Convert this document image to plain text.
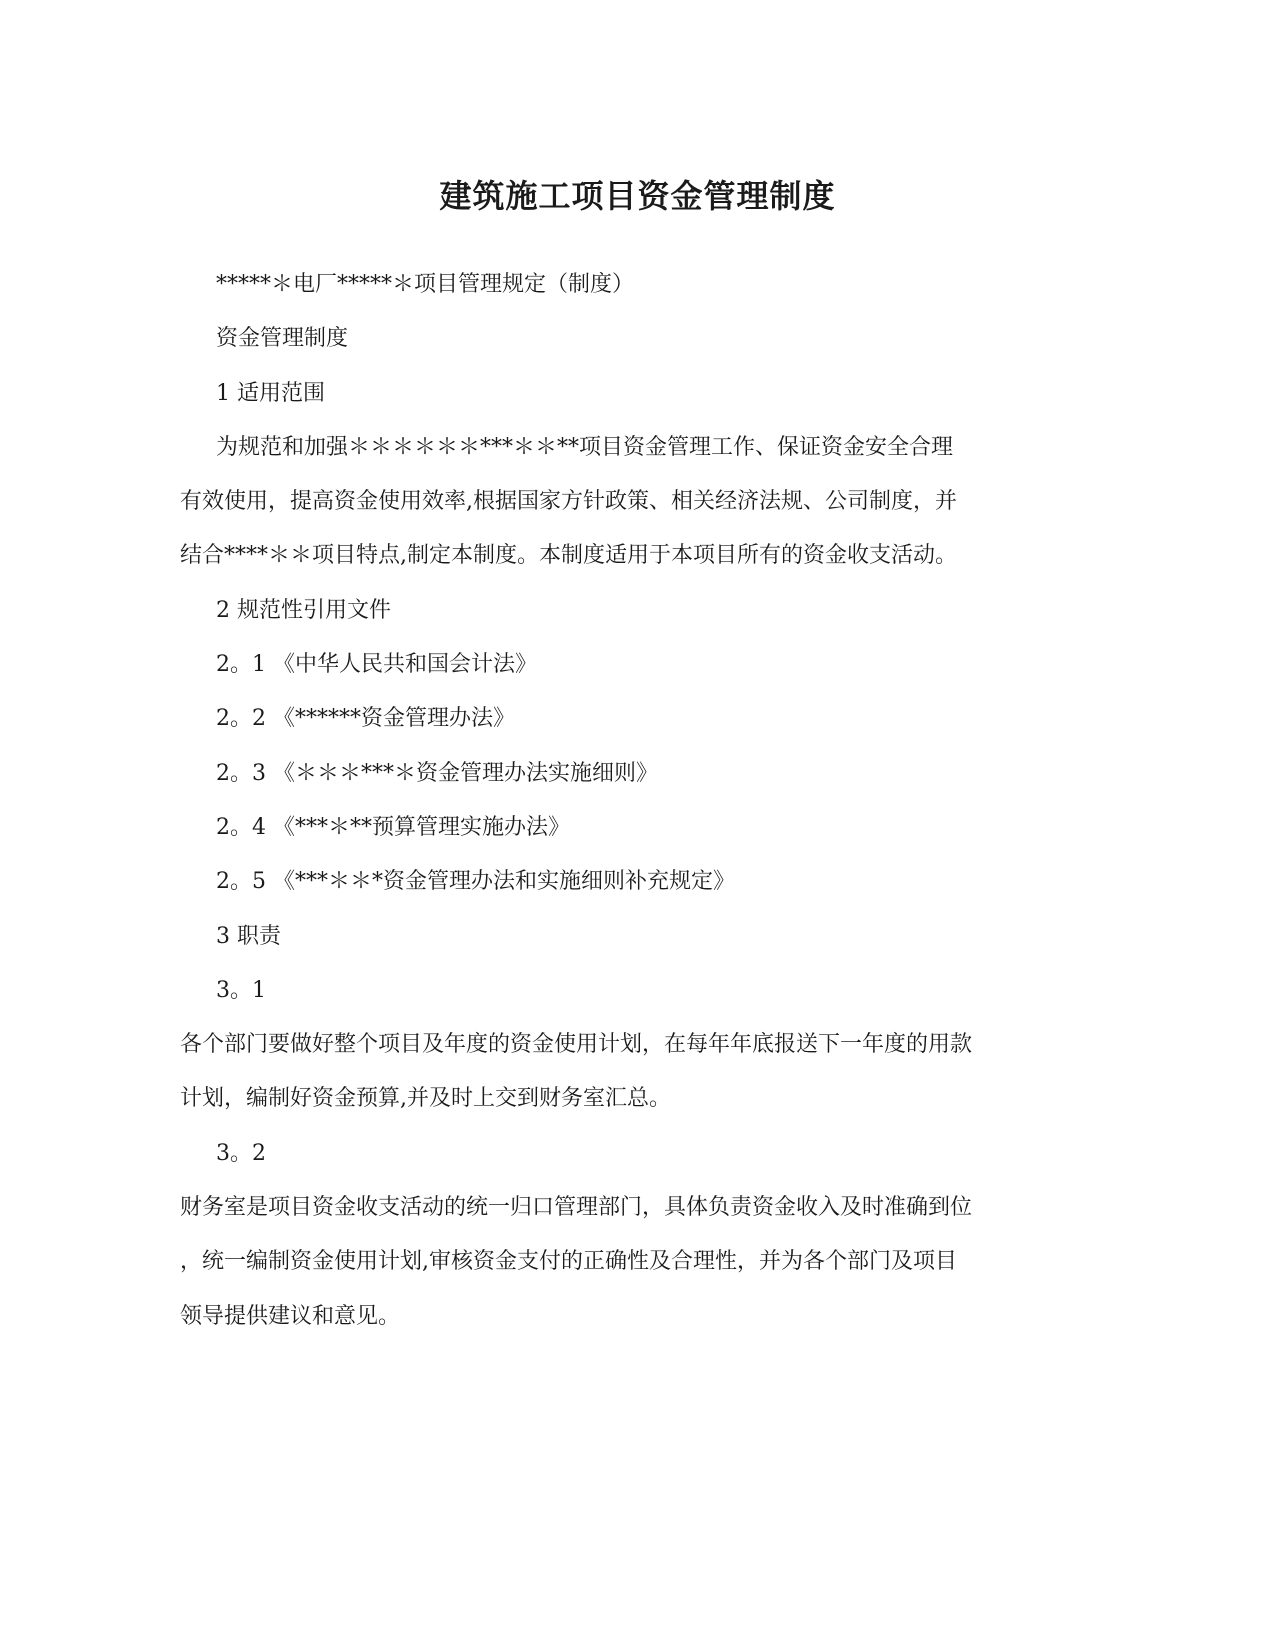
建筑施工项目资金管理制度

*****＊电厂*****＊项目管理规定（制度）

资金管理制度

1 适用范围

为规范和加强＊＊＊＊＊＊***＊＊**项目资金管理工作、保证资金安全合理

有效使用，提高资金使用效率,根据国家方针政策、相关经济法规、公司制度，并

结合****＊＊项目特点,制定本制度。本制度适用于本项目所有的资金收支活动。

2 规范性引用文件

2。1 《中华人民共和国会计法》

2。2 《******资金管理办法》

2。3 《＊＊＊***＊资金管理办法实施细则》

2。4 《***＊**预算管理实施办法》

2。5 《***＊＊*资金管理办法和实施细则补充规定》

3 职责

3。1

各个部门要做好整个项目及年度的资金使用计划，在每年年底报送下一年度的用款

计划，编制好资金预算,并及时上交到财务室汇总。

3。2

财务室是项目资金收支活动的统一归口管理部门，具体负责资金收入及时准确到位

，统一编制资金使用计划,审核资金支付的正确性及合理性，并为各个部门及项目

领导提供建议和意见。
